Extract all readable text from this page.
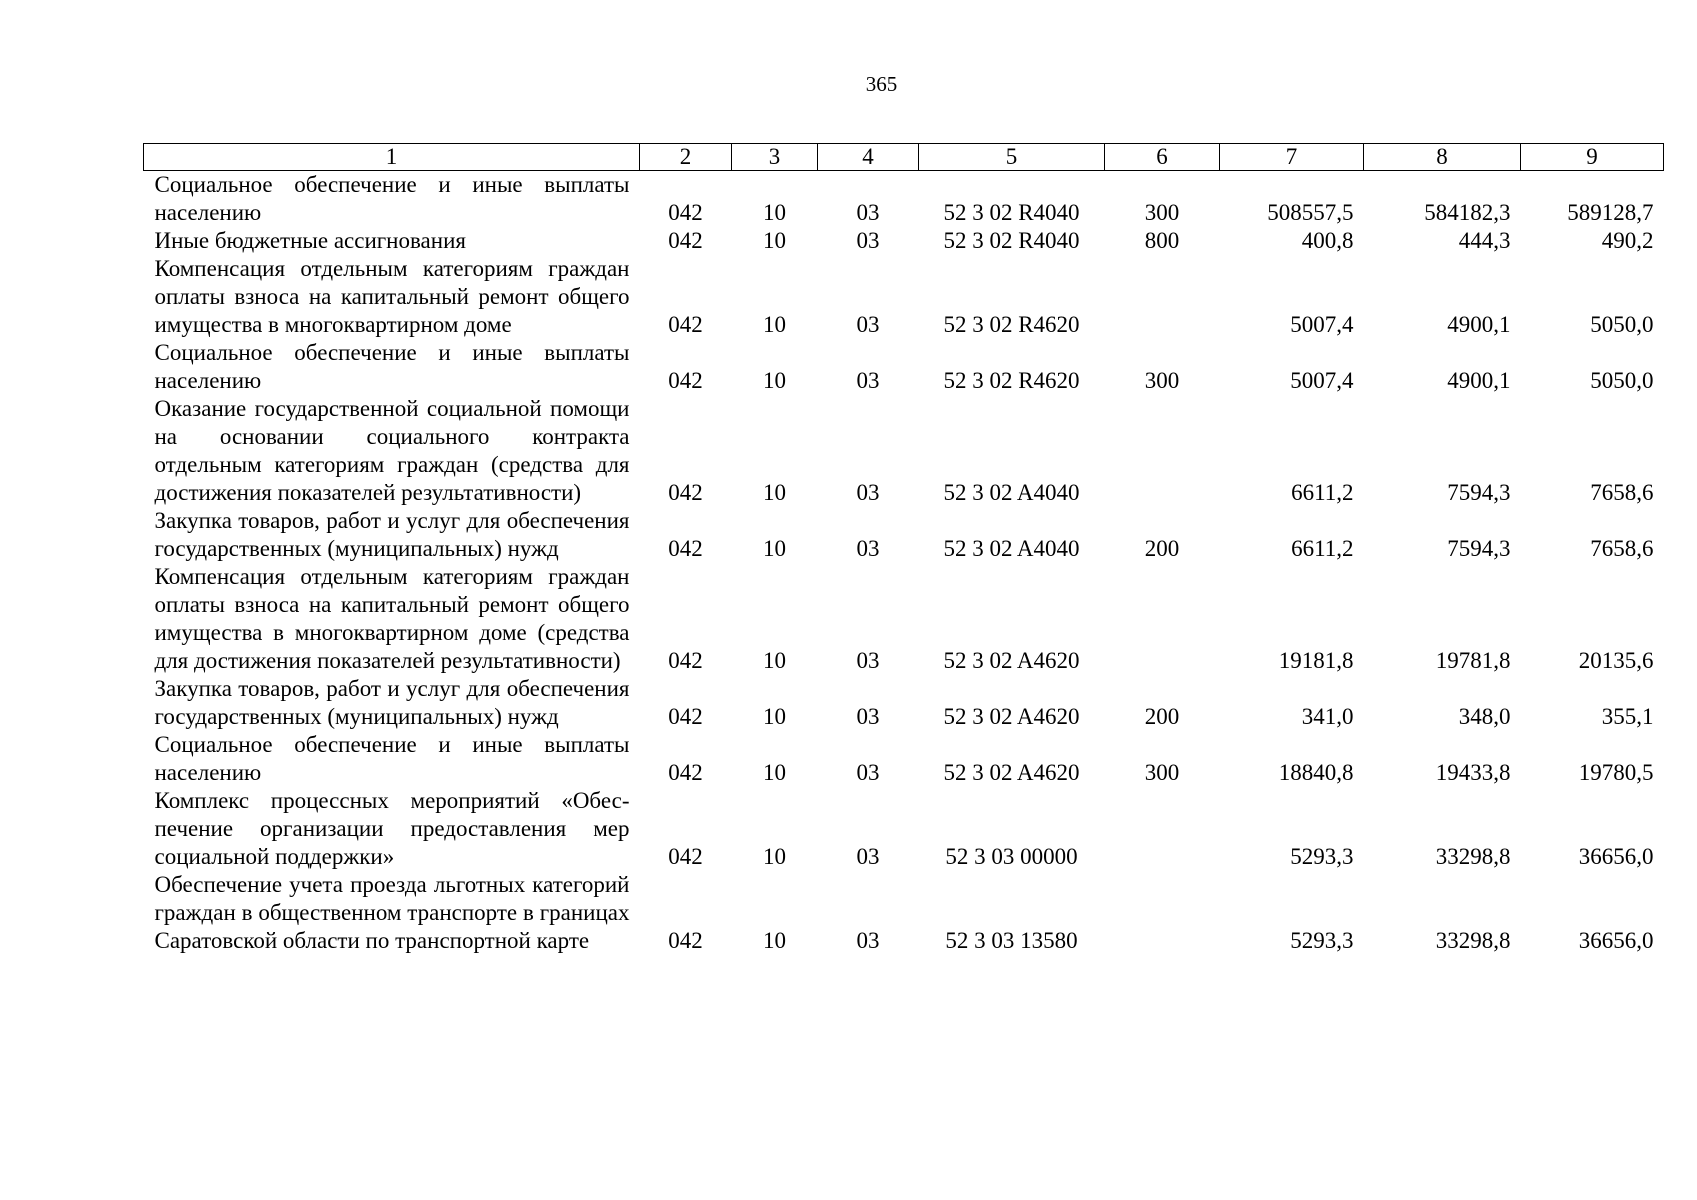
365
1	2	3	4	5	6	7	8	9
Социальное обеспечение и иные выплаты населению	042	10	03	52 3 02 R4040	300	508557,5	584182,3	589128,7
Иные бюджетные ассигнования	042	10	03	52 3 02 R4040	800	400,8	444,3	490,2
Компенсация отдельным категориям граждан оплаты взноса на капитальный ремонт общего имущества в многоквартирном доме	042	10	03	52 3 02 R4620		5007,4	4900,1	5050,0
Социальное обеспечение и иные выплаты населению	042	10	03	52 3 02 R4620	300	5007,4	4900,1	5050,0
Оказание государственной социальной помощи на основании социального контракта отдельным категориям граждан (средства для достижения показателей результативности)	042	10	03	52 3 02 A4040		6611,2	7594,3	7658,6
Закупка товаров, работ и услуг для обеспечения государственных (муниципальных) нужд	042	10	03	52 3 02 A4040	200	6611,2	7594,3	7658,6
Компенсация отдельным категориям граждан оплаты взноса на капитальный ремонт общего имущества в многоквартирном доме (средства для достижения показателей результативности)	042	10	03	52 3 02 A4620		19181,8	19781,8	20135,6
Закупка товаров, работ и услуг для обеспечения государственных (муниципальных) нужд	042	10	03	52 3 02 A4620	200	341,0	348,0	355,1
Социальное обеспечение и иные выплаты населению	042	10	03	52 3 02 A4620	300	18840,8	19433,8	19780,5
Комплекс процессных мероприятий «Обеспечение организации предоставления мер социальной поддержки»	042	10	03	52 3 03 00000		5293,3	33298,8	36656,0
Обеспечение учета проезда льготных категорий граждан в общественном транспорте в границах Саратовской области по транспортной карте	042	10	03	52 3 03 13580		5293,3	33298,8	36656,0
